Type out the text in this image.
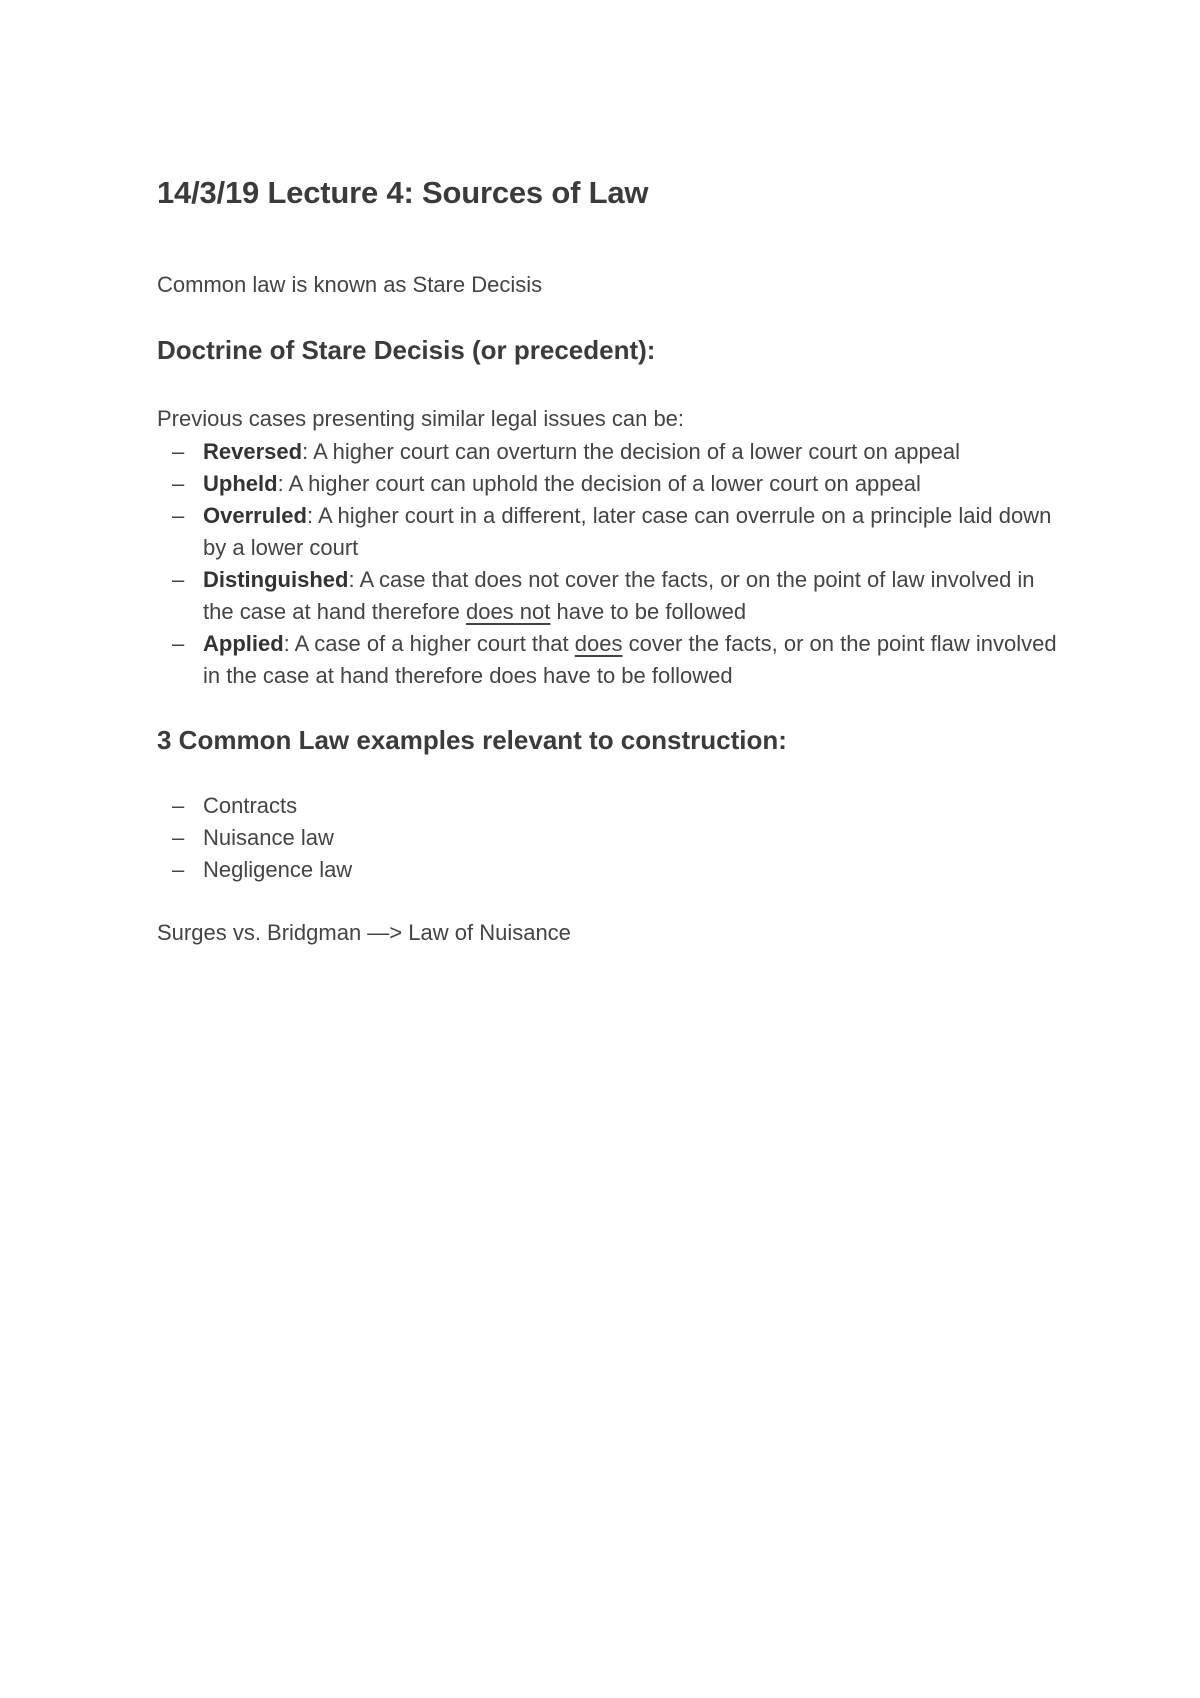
14/3/19 Lecture 4: Sources of Law

Common law is known as Stare Decisis

Doctrine of Stare Decisis (or precedent):

Previous cases presenting similar legal issues can be:

– Reversed: A higher court can overturn the decision of a lower court on appeal
– Upheld: A higher court can uphold the decision of a lower court on appeal
– Overruled: A higher court in a different, later case can overrule on a principle laid down by a lower court
– Distinguished: A case that does not cover the facts, or on the point of law involved in the case at hand therefore does not have to be followed
– Applied: A case of a higher court that does cover the facts, or on the point flaw involved in the case at hand therefore does have to be followed
3 Common Law examples relevant to construction:
– Contracts
– Nuisance law
– Negligence law

Surges vs. Bridgman —> Law of Nuisance
